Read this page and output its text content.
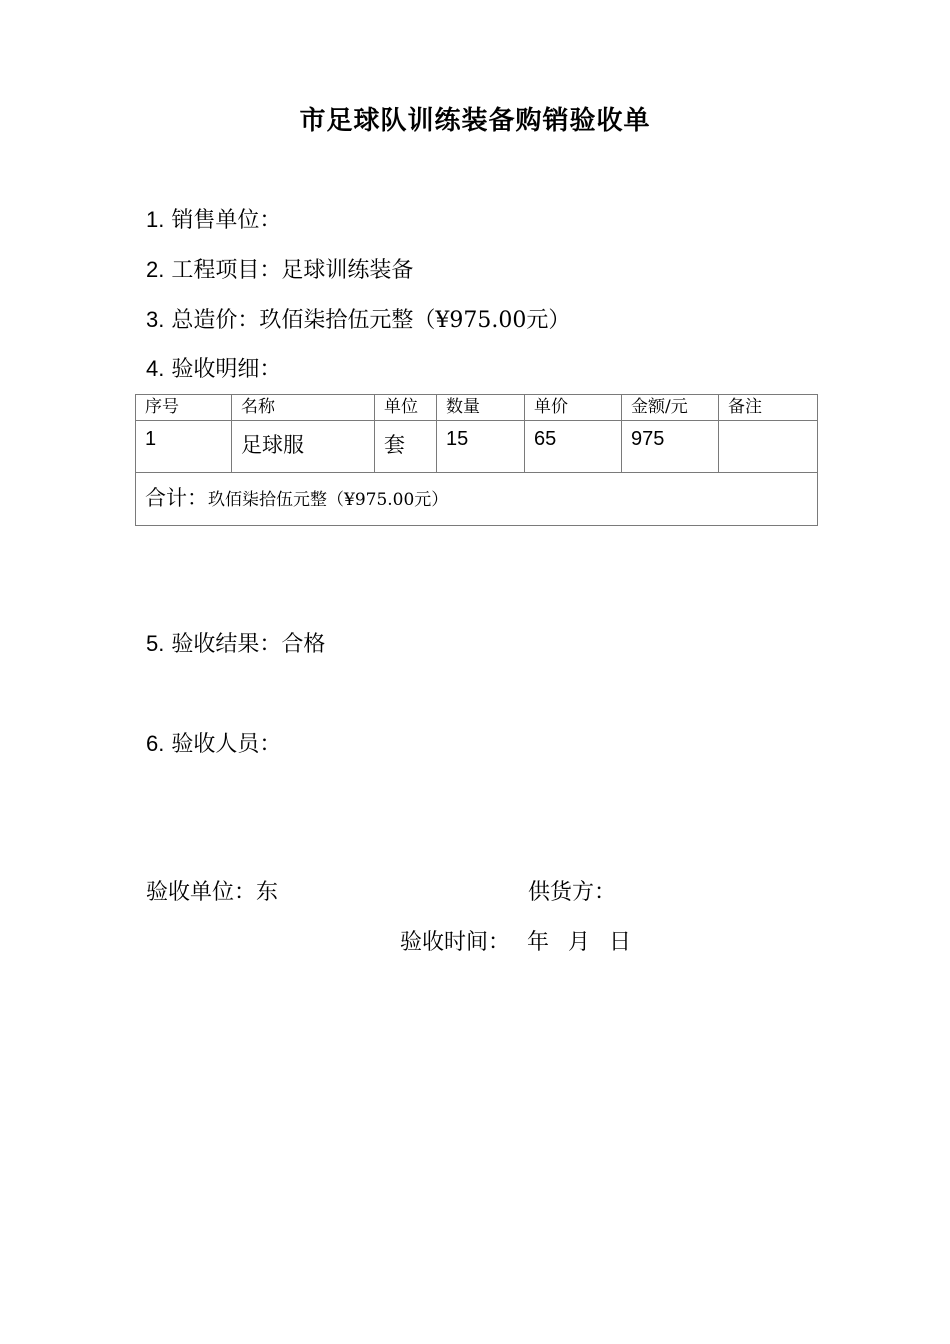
市足球队训练装备购销验收单
1. 销售单位：
2. 工程项目：足球训练装备
3. 总造价：玖佰柒拾伍元整（¥975.00元）
4. 验收明细：
序号	名称	单位	数量	单价	金额/元	备注
1	足球服	套	15	65	975	
合计：玖佰柒拾伍元整（¥975.00元）						
5. 验收结果：合格
6. 验收人员：
验收单位：东	供货方：
验收时间： 年 月 日
